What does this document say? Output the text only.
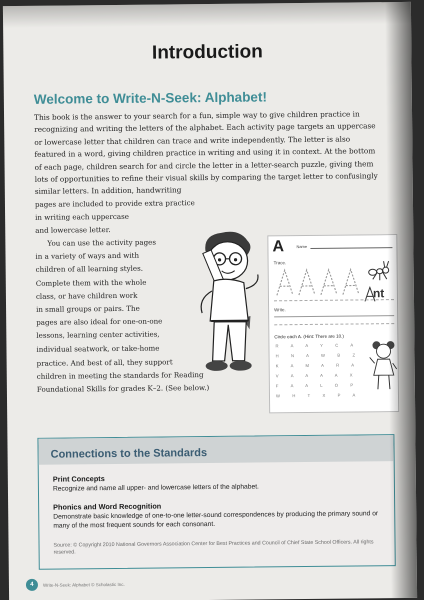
Introduction
Welcome to Write-N-Seek: Alphabet!

This book is the answer to your search for a fun, simple way to give children practice in

recognizing and writing the letters of the alphabet. Each activity page targets an uppercase

or lowercase letter that children can trace and write independently. The letter is also

featured in a word, giving children practice in writing and using it in context. At the bottom

of each page, children search for and circle the letter in a letter-search puzzle, giving them

lots of opportunities to refine their visual skills by comparing the target letter to confusingly

similar letters. In addition, handwriting

pages are included to provide extra practice

in writing each uppercase

and lowercase letter.

You can use the activity pages

in a variety of ways and with

children of all learning styles.

Complete them with the whole

class, or have children work

in small groups or pairs. The

pages are also ideal for one-on-one

lessons, learning center activities,

individual seatwork, or take-home

practice. And best of all, they support

children in meeting the standards for Reading

Foundational Skills for grades K–2. (See below.)

A	Name
Trace.
nt
Write.
Circle each A. (Hint: There are 10.)
R A A Y C A
H N A W B Z
K A M A R A
V A A A A X
F A A L O P
W H T X P A
Connections to the Standards
Print Concepts
Recognize and name all upper- and lowercase letters of the alphabet.
Phonics and Word Recognition
Demonstrate basic knowledge of one-to-one letter-sound correspondences by producing the primary sound or many of the most frequent sounds for each consonant.
Source: © Copyright 2010 National Governors Association Center for Best Practices and Council of Chief State School Officers. All rights reserved.
4	Write-N-Seek: Alphabet © Scholastic Inc.
